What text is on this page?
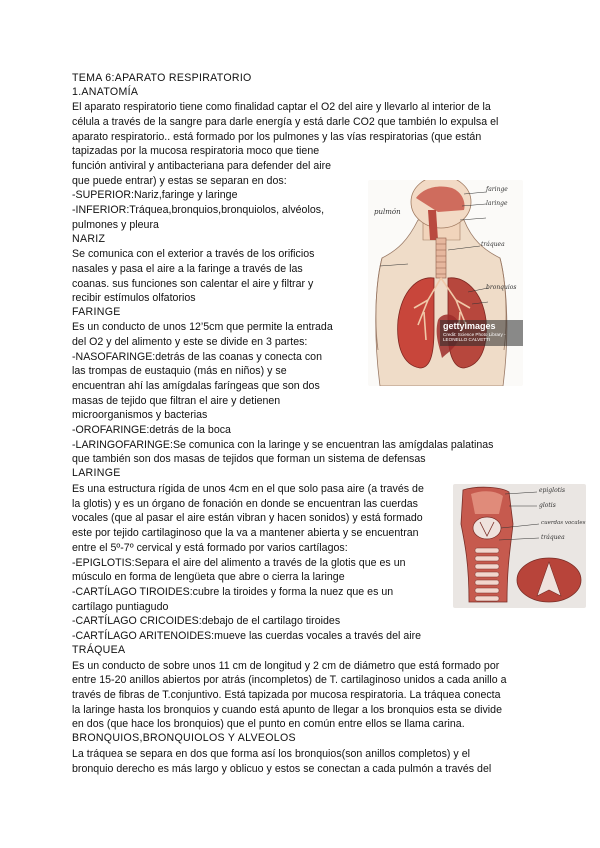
TEMA 6:APARATO RESPIRATORIO
1.ANATOMÍA
El aparato respiratorio tiene como finalidad captar el O2 del aire y llevarlo al interior de la
célula a través de la sangre para darle energía y está darle CO2 que también lo expulsa el
aparato respiratorio.. está formado por los pulmones y las vías respiratorias (que están
tapizadas por la mucosa respiratoria moco que tiene
función antiviral y antibacteriana para defender del aire
que puede entrar) y estas se separan en dos:
-SUPERIOR:Nariz,faringe y laringe
-INFERIOR:Tráquea,bronquios,bronquiolos, alvéolos,
pulmones y pleura
NARIZ
Se comunica con el exterior a través de los orificios
nasales y pasa el aire a la faringe a través de las
coanas. sus funciones son calentar el aire y filtrar y
recibir estímulos olfatorios
FARINGE
Es un conducto de unos 12’5cm que permite la entrada
del O2 y del alimento y este se divide en 3 partes:
-NASOFARINGE:detrás de las coanas y conecta con
las trompas de eustaquio (más en niños) y se
encuentran ahí las amígdalas faríngeas que son dos
masas de tejido que filtran el aire y detienen
microorganismos y bacterias
-OROFARINGE:detrás de la boca
-LARINGOFARINGE:Se comunica con la laringe y se encuentran las amígdalas palatinas
que también son dos masas de tejidos que forman un sistema de defensas
LARINGE
Es una estructura rígida de unos 4cm en el que solo pasa aire (a través de
la glotis) y es un órgano de fonación en donde se encuentran las cuerdas
vocales (que al pasar el aire están vibran y hacen sonidos) y está formado
este por tejido cartilaginoso que la va a mantener abierta y se encuentran
entre el 5º-7º cervical y está formado por varios cartílagos:
-EPIGLOTIS:Separa el aire del alimento a través de la glotis que es un
músculo en forma de lengüeta que abre o cierra la laringe
-CARTÍLAGO TIROIDES:cubre la tiroides y forma la nuez que es un
cartílago puntiagudo
-CARTÍLAGO CRICOIDES:debajo de el cartilago tiroides
-CARTÍLAGO ARITENOIDES:mueve las cuerdas vocales a través del aire
TRÁQUEA
Es un conducto de sobre unos 11 cm de longitud y 2 cm de diámetro que está formado por
entre 15-20 anillos abiertos por atrás (incompletos) de T. cartilaginoso unidos a cada anillo a
través de fibras de T.conjuntivo. Está tapizada por mucosa respiratoria. La tráquea conecta
la laringe hasta los bronquios y cuando está apunto de llegar a los bronquios esta se divide
en dos (que hace los bronquios) que el punto en común entre ellos se llama carina.
BRONQUIOS,BRONQUIOLOS Y ALVEOLOS
La tráquea se separa en dos que forma así los bronquios(son anillos completos) y el
bronquio derecho es más largo y oblicuo y estos se conectan a cada pulmón a través del
pulmón
faringe
laringe
tráquea
bronquios
gettyimages
Credit: Science Photo Library - LEONELLO CALVETTI
epiglotis
glotis
cuerdas vocales
tráquea
